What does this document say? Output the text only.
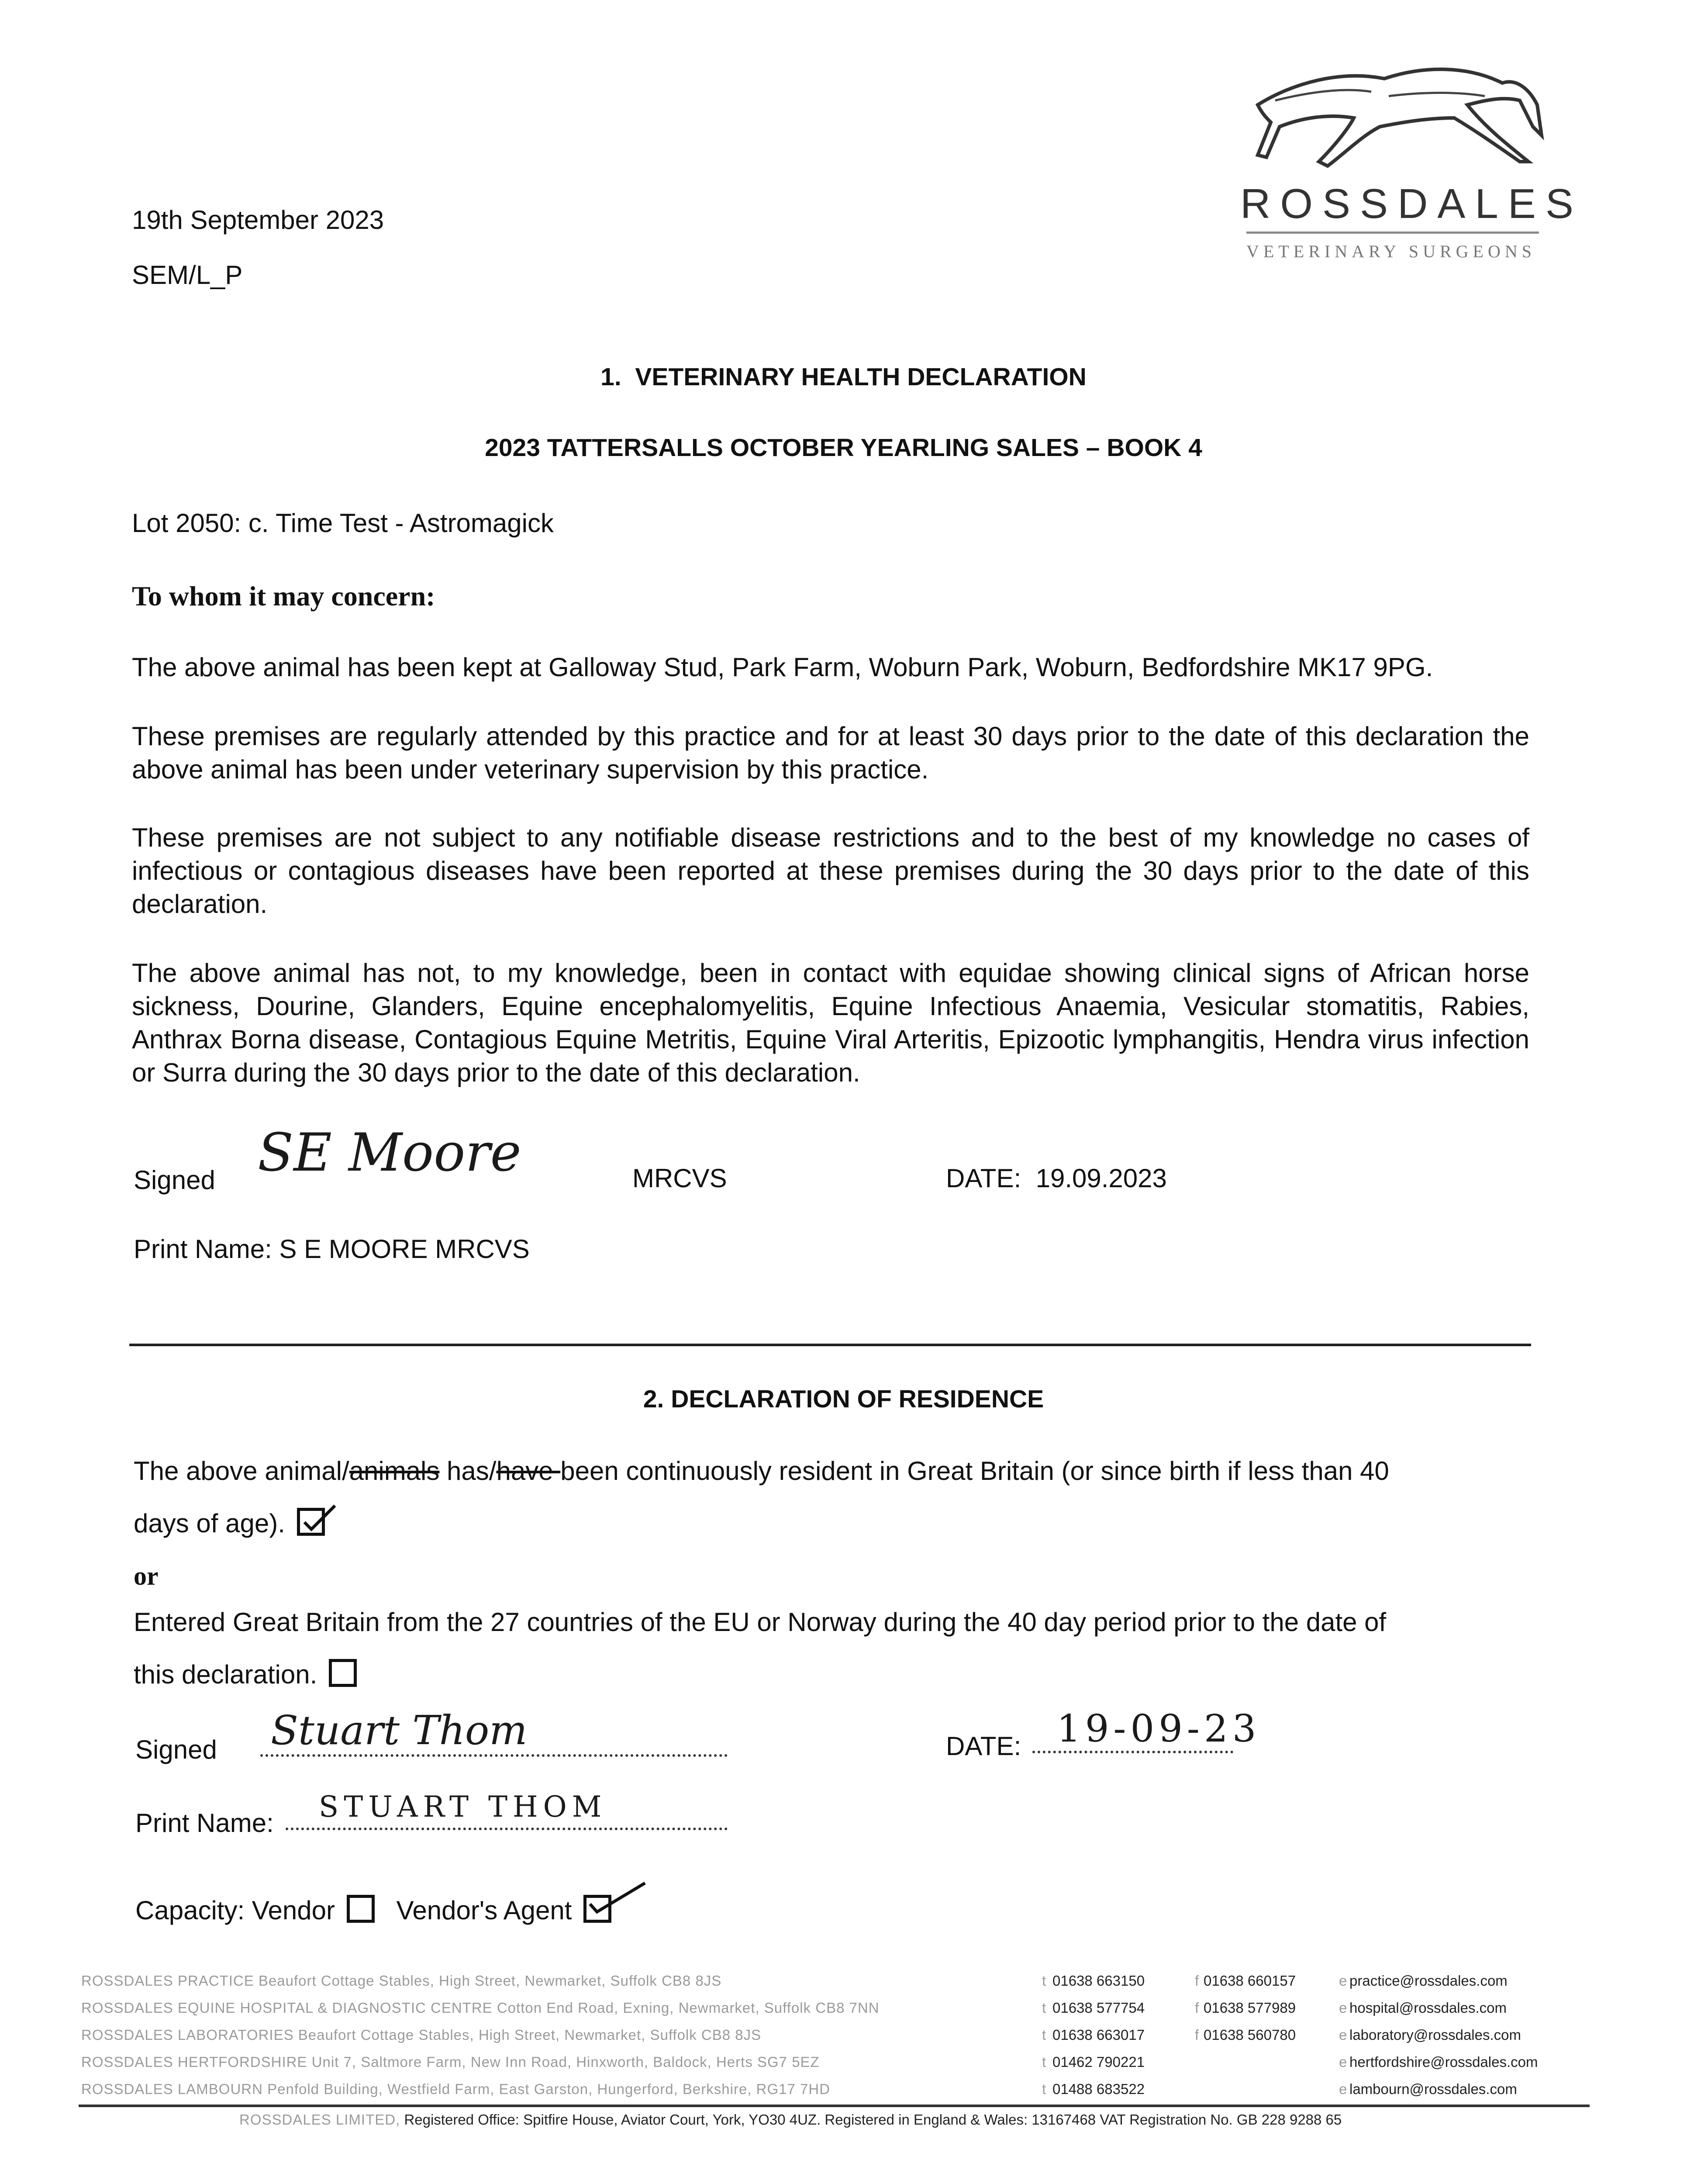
ROSSDALES
VETERINARY SURGEONS
19th September 2023
SEM/L_P
1. VETERINARY HEALTH DECLARATION
2023 TATTERSALLS OCTOBER YEARLING SALES – BOOK 4
Lot 2050: c. Time Test - Astromagick
To whom it may concern:
The above animal has been kept at Galloway Stud, Park Farm, Woburn Park, Woburn, Bedfordshire MK17 9PG.
These premises are regularly attended by this practice and for at least 30 days prior to the date of this declaration the above animal has been under veterinary supervision by this practice.
These premises are not subject to any notifiable disease restrictions and to the best of my knowledge no cases of infectious or contagious diseases have been reported at these premises during the 30 days prior to the date of this declaration.
The above animal has not, to my knowledge, been in contact with equidae showing clinical signs of African horse sickness, Dourine, Glanders, Equine encephalomyelitis, Equine Infectious Anaemia, Vesicular stomatitis, Rabies, Anthrax Borna disease, Contagious Equine Metritis, Equine Viral Arteritis, Epizootic lymphangitis, Hendra virus infection or Surra during the 30 days prior to the date of this declaration.
Signed SE Moore	MRCVS	DATE: 19.09.2023
Print Name: S E MOORE MRCVS
2. DECLARATION OF RESIDENCE
The above animal/animals has/have been continuously resident in Great Britain (or since birth if less than 40
days of age).
or
Entered Great Britain from the 27 countries of the EU or Norway during the 40 day period prior to the date of
this declaration.
Signed Stuart Thom	DATE: 19-09-23
Print Name: STUART THOM
Capacity: Vendor Vendor's Agent
ROSSDALES PRACTICE Beaufort Cottage Stables, High Street, Newmarket, Suffolk CB8 8JS	t 01638 663150	f 01638 660157	e practice@rossdales.com
ROSSDALES EQUINE HOSPITAL & DIAGNOSTIC CENTRE Cotton End Road, Exning, Newmarket, Suffolk CB8 7NN	t 01638 577754	f 01638 577989	e hospital@rossdales.com
ROSSDALES LABORATORIES Beaufort Cottage Stables, High Street, Newmarket, Suffolk CB8 8JS	t 01638 663017	f 01638 560780	e laboratory@rossdales.com
ROSSDALES HERTFORDSHIRE Unit 7, Saltmore Farm, New Inn Road, Hinxworth, Baldock, Herts SG7 5EZ	t 01462 790221	e hertfordshire@rossdales.com
ROSSDALES LAMBOURN Penfold Building, Westfield Farm, East Garston, Hungerford, Berkshire, RG17 7HD	t 01488 683522	e lambourn@rossdales.com
ROSSDALES LIMITED, Registered Office: Spitfire House, Aviator Court, York, YO30 4UZ. Registered in England & Wales: 13167468 VAT Registration No. GB 228 9288 65
